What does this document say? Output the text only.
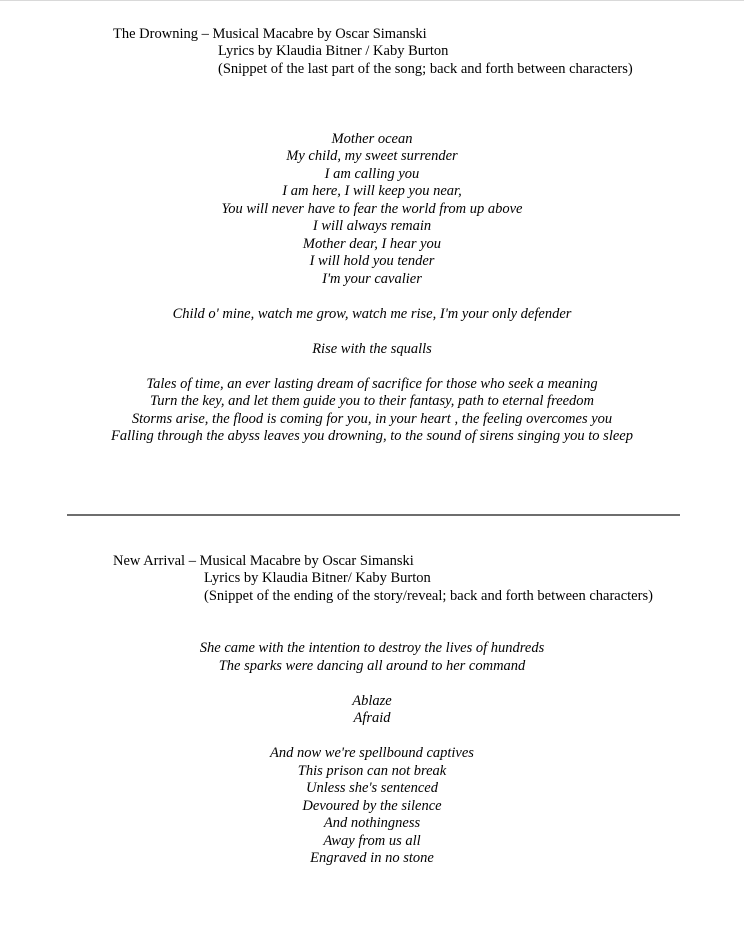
The Drowning – Musical Macabre by Oscar Simanski
Lyrics by Klaudia Bitner / Kaby Burton
(Snippet of the last part of the song; back and forth between characters)
Mother ocean
My child, my sweet surrender
I am calling you
I am here, I will keep you near,
You will never have to fear the world from up above
I will always remain
Mother dear, I hear you
I will hold you tender
I'm your cavalier
Child o' mine, watch me grow, watch me rise, I'm your only defender
Rise with the squalls
Tales of time, an ever lasting dream of sacrifice for those who seek a meaning
Turn the key, and let them guide you to their fantasy, path to eternal freedom
Storms arise, the flood is coming for you, in your heart , the feeling overcomes you
Falling through the abyss leaves you drowning, to the sound of sirens singing you to sleep
New Arrival – Musical Macabre by Oscar Simanski
Lyrics by Klaudia Bitner/ Kaby Burton
(Snippet of the ending of the story/reveal; back and forth between characters)
She came with the intention to destroy the lives of hundreds
The sparks were dancing all around to her command
Ablaze
Afraid
And now we're spellbound captives
This prison can not break
Unless she's sentenced
Devoured by the silence
And nothingness
Away from us all
Engraved in no stone
